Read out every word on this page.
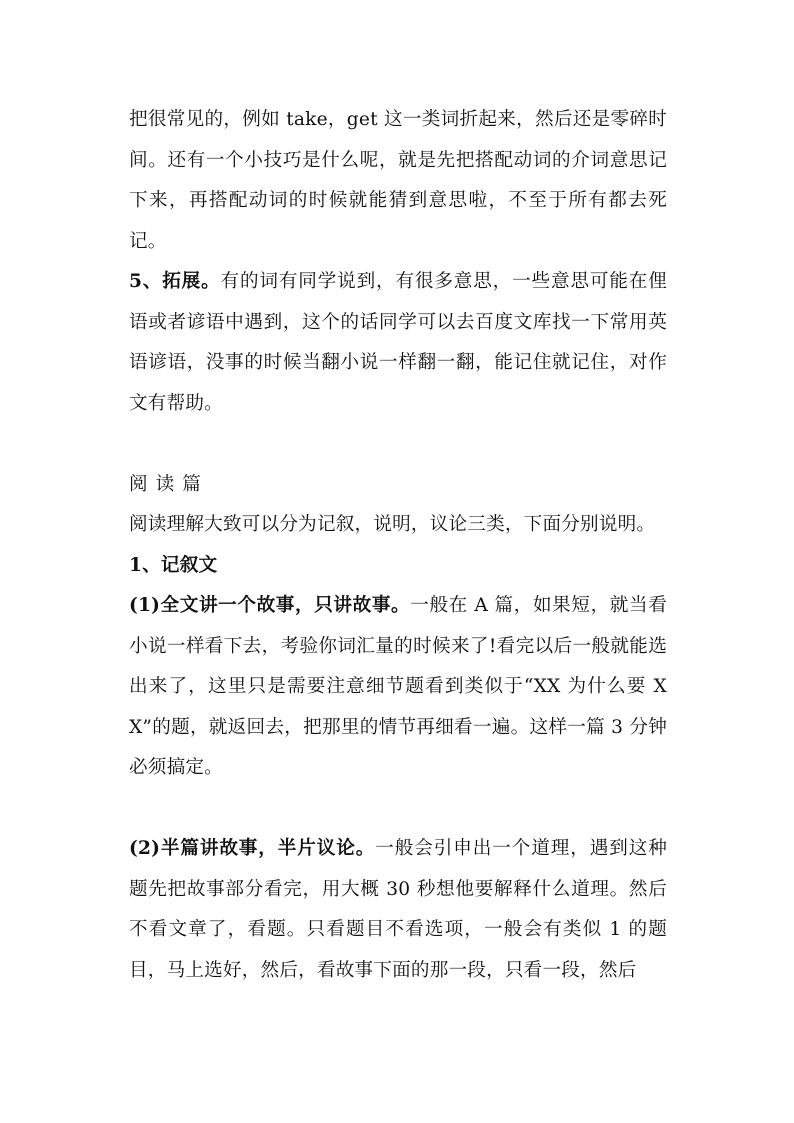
把很常见的，例如 take，get 这一类词折起来，然后还是零碎时间。还有一个小技巧是什么呢，就是先把搭配动词的介词意思记下来，再搭配动词的时候就能猜到意思啦，不至于所有都去死记。

5、拓展。有的词有同学说到，有很多意思，一些意思可能在俚语或者谚语中遇到，这个的话同学可以去百度文库找一下常用英语谚语，没事的时候当翻小说一样翻一翻，能记住就记住，对作文有帮助。

阅读篇

阅读理解大致可以分为记叙，说明，议论三类，下面分别说明。

1、记叙文

(1)全文讲一个故事，只讲故事。一般在 A 篇，如果短，就当看小说一样看下去，考验你词汇量的时候来了!看完以后一般就能选出来了，这里只是需要注意细节题看到类似于“XX 为什么要 XX”的题，就返回去，把那里的情节再细看一遍。这样一篇 3 分钟必须搞定。

(2)半篇讲故事，半片议论。一般会引申出一个道理，遇到这种题先把故事部分看完，用大概 30 秒想他要解释什么道理。然后不看文章了，看题。只看题目不看选项，一般会有类似 1 的题目，马上选好，然后，看故事下面的那一段，只看一段，然后
